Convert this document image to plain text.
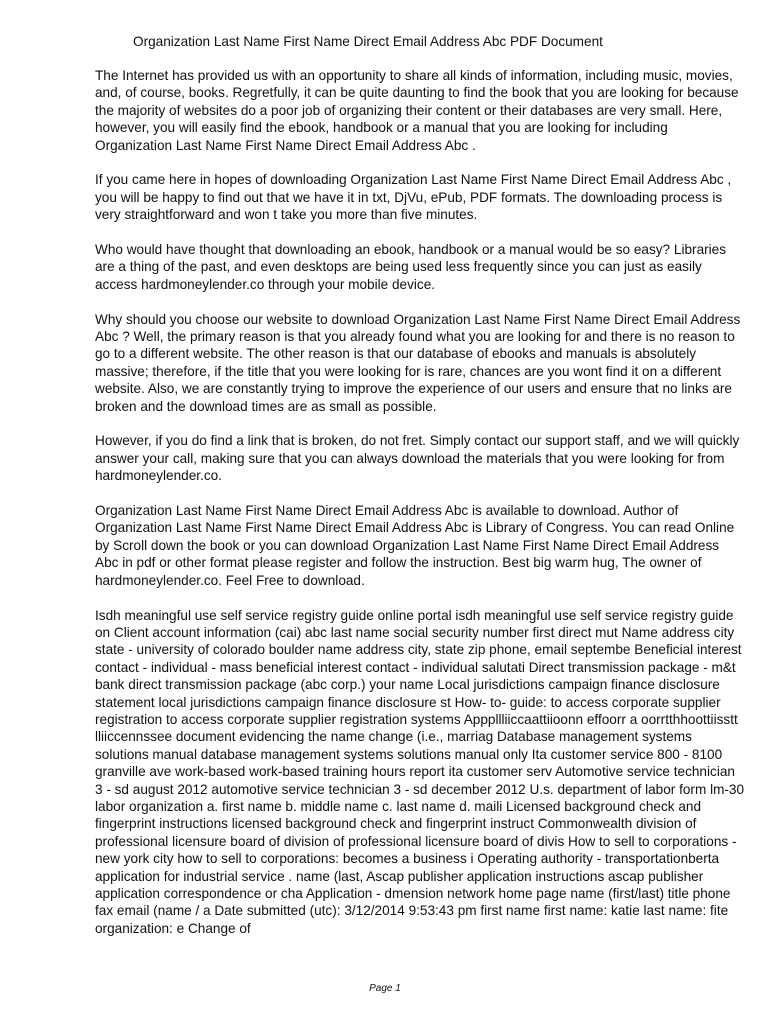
Organization Last Name First Name Direct Email Address Abc PDF Document

The Internet has provided us with an opportunity to share all kinds of information, including music, movies, and, of course, books. Regretfully, it can be quite daunting to find the book that you are looking for because the majority of websites do a poor job of organizing their content or their databases are very small. Here, however, you will easily find the ebook, handbook or a manual that you are looking for including Organization Last Name First Name Direct Email Address Abc .

If you came here in hopes of downloading Organization Last Name First Name Direct Email Address Abc , you will be happy to find out that we have it in txt, DjVu, ePub, PDF formats. The downloading process is very straightforward and won t take you more than five minutes.

Who would have thought that downloading an ebook, handbook or a manual would be so easy? Libraries are a thing of the past, and even desktops are being used less frequently since you can just as easily access hardmoneylender.co through your mobile device.

Why should you choose our website to download Organization Last Name First Name Direct Email Address Abc ? Well, the primary reason is that you already found what you are looking for and there is no reason to go to a different website. The other reason is that our database of ebooks and manuals is absolutely massive; therefore, if the title that you were looking for is rare, chances are you wont find it on a different website. Also, we are constantly trying to improve the experience of our users and ensure that no links are broken and the download times are as small as possible.

However, if you do find a link that is broken, do not fret. Simply contact our support staff, and we will quickly answer your call, making sure that you can always download the materials that you were looking for from hardmoneylender.co.

Organization Last Name First Name Direct Email Address Abc is available to download. Author of Organization Last Name First Name Direct Email Address Abc is Library of Congress. You can read Online by Scroll down the book or you can download Organization Last Name First Name Direct Email Address Abc in pdf or other format please register and follow the instruction. Best big warm hug, The owner of hardmoneylender.co. Feel Free to download.

Isdh meaningful use self service registry guide online portal isdh meaningful use self service registry guide on Client account information (cai) abc last name social security number first direct mut Name address city state - university of colorado boulder name address city, state zip phone, email septembe Beneficial interest contact - individual - mass beneficial interest contact - individual salutati Direct transmission package - m&t bank direct transmission package (abc corp.) your name Local jurisdictions campaign finance disclosure statement local jurisdictions campaign finance disclosure st How- to- guide: to access corporate supplier registration to access corporate supplier registration systems Apppllliiccaattiioonn effoorr a oorrtthhoottiisstt lliiccennssee document evidencing the name change (i.e., marriag Database management systems solutions manual database management systems solutions manual only Ita customer service 800 - 8100 granville ave work-based work-based training hours report ita customer serv Automotive service technician 3 - sd august 2012 automotive service technician 3 - sd december 2012 U.s. department of labor form lm-30 labor organization a. first name b. middle name c. last name d. maili Licensed background check and fingerprint instructions licensed background check and fingerprint instruct Commonwealth division of professional licensure board of division of professional licensure board of divis How to sell to corporations - new york city how to sell to corporations: becomes a business i Operating authority - transportationberta application for industrial service . name (last, Ascap publisher application instructions ascap publisher application correspondence or cha Application - dmension network home page name (first/last) title phone fax email (name / a Date submitted (utc): 3/12/2014 9:53:43 pm first name first name: katie last name: fite organization: e Change of

Page 1
